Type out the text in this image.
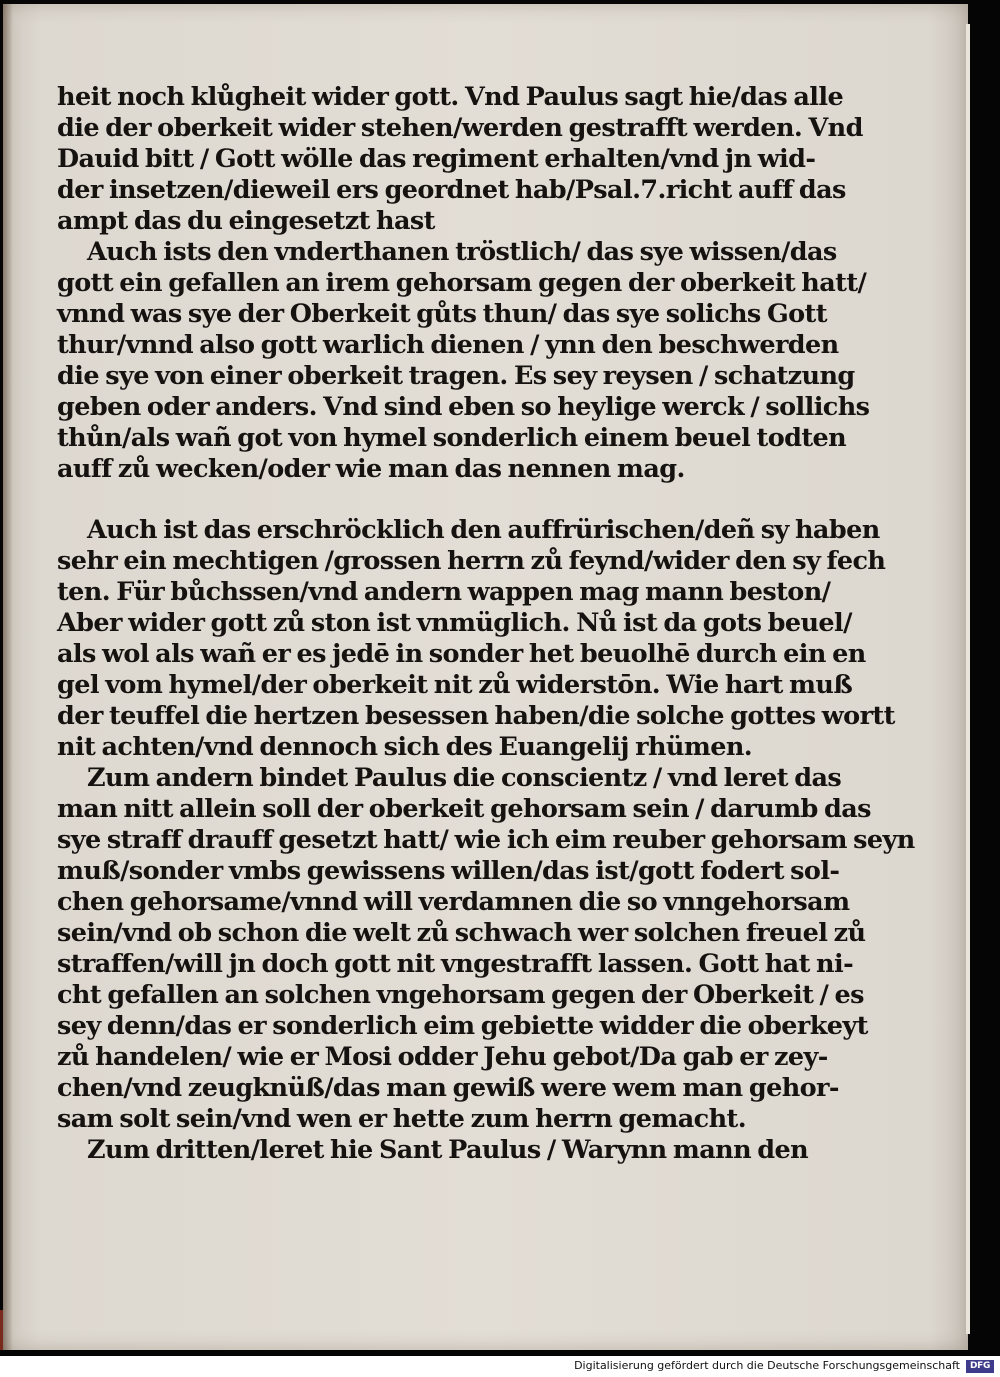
heit noch klůgheit wider gott. Vnd Paulus sagt hie/das alle
die der oberkeit wider stehen/werden gestrafft werden. Vnd
Dauid bitt / Gott wölle das regiment erhalten/vnd jn wid-
der insetzen/dieweil ers geordnet hab/Psal.7.richt auff das
ampt das du eingesetzt hast
Auch ists den vnderthanen tröstlich/ das sye wissen/das
gott ein gefallen an irem gehorsam gegen der oberkeit hatt/
vnnd was sye der Oberkeit gůts thun/ das sye solichs Gott
thur/vnnd also gott warlich dienen / ynn den beschwerden
die sye von einer oberkeit tragen. Es sey reysen / schatzung
geben oder anders. Vnd sind eben so heylige werck / sollichs
thůn/als wañ got von hymel sonderlich einem beuel todten
auff zů wecken/oder wie man das nennen mag.
Auch ist das erschröcklich den auffrürischen/deñ sy haben
sehr ein mechtigen /grossen herrn zů feynd/wider den sy fech
ten. Für bůchssen/vnd andern wappen mag mann beston/
Aber wider gott zů ston ist vnmüglich. Nů ist da gots beuel/
als wol als wañ er es jedē in sonder het beuolhē durch ein en
gel vom hymel/der oberkeit nit zů widerstōn. Wie hart muß
der teuffel die hertzen besessen haben/die solche gottes wortt
nit achten/vnd dennoch sich des Euangelij rhümen.
Zum andern bindet Paulus die conscientz / vnd leret das
man nitt allein soll der oberkeit gehorsam sein / darumb das
sye straff drauff gesetzt hatt/ wie ich eim reuber gehorsam seyn
muß/sonder vmbs gewissens willen/das ist/gott fodert sol-
chen gehorsame/vnnd will verdamnen die so vnngehorsam
sein/vnd ob schon die welt zů schwach wer solchen freuel zů
straffen/will jn doch gott nit vngestrafft lassen. Gott hat ni-
cht gefallen an solchen vngehorsam gegen der Oberkeit / es
sey denn/das er sonderlich eim gebiette widder die oberkeyt
zů handelen/ wie er Mosi odder Jehu gebot/Da gab er zey-
chen/vnd zeugknüß/das man gewiß were wem man gehor-
sam solt sein/vnd wen er hette zum herrn gemacht.
Zum dritten/leret hie Sant Paulus / Warynn mann den
Digitalisierung gefördert durch die Deutsche Forschungsgemeinschaft	DFG
